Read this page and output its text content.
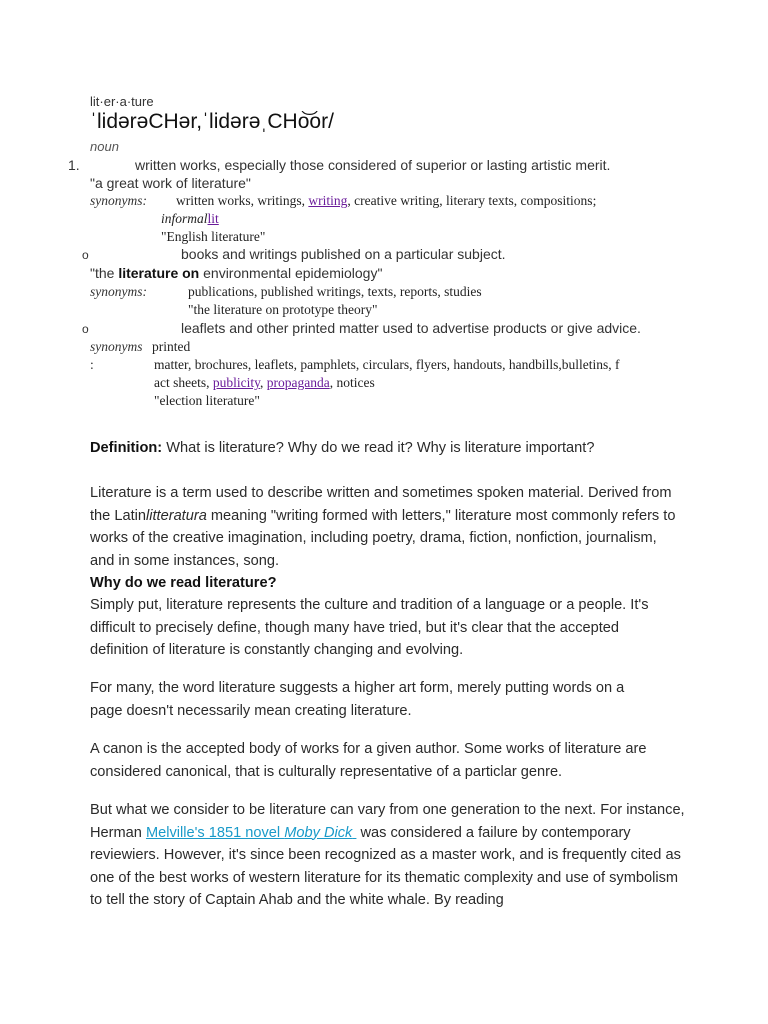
lit·er·a·ture
ˈlidərəCHər,ˈlidərəˌCHo͝or/
noun
1.	written works, especially those considered of superior or lasting artistic merit.
"a great work of literature"
synonyms: written works, writings, writing, creative writing, literary texts, compositions;
informallit
"English literature"
o	books and writings published on a particular subject.
"the literature on environmental epidemiology"
synonyms:	publications, published writings, texts, reports, studies
"the literature on prototype theory"
o	leaflets and other printed matter used to advertise products or give advice.
synonyms printed
:	matter, brochures, leaflets, pamphlets, circulars, flyers, handouts, handbills,bulletins, f
act sheets, publicity, propaganda, notices
"election literature"
Definition: What is literature? Why do we read it? Why is literature important?
Literature is a term used to describe written and sometimes spoken material. Derived from the Latinlitteratura meaning "writing formed with letters," literature most commonly refers to works of the creative imagination, including poetry, drama, fiction, nonfiction, journalism, and in some instances, song.
Why do we read literature?
Simply put, literature represents the culture and tradition of a language or a people. It's difficult to precisely define, though many have tried, but it's clear that the accepted definition of literature is constantly changing and evolving.
For many, the word literature suggests a higher art form, merely putting words on a page doesn't necessarily mean creating literature.
A canon is the accepted body of works for a given author. Some works of literature are considered canonical, that is culturally representative of a particlar genre.
But what we consider to be literature can vary from one generation to the next. For instance, Herman Melville's 1851 novel Moby Dick  was considered a failure by contemporary reviewiers. However, it's since been recognized as a master work, and is frequently cited as one of the best works of western literature for its thematic complexity and use of symbolism to tell the story of Captain Ahab and the white whale. By reading
